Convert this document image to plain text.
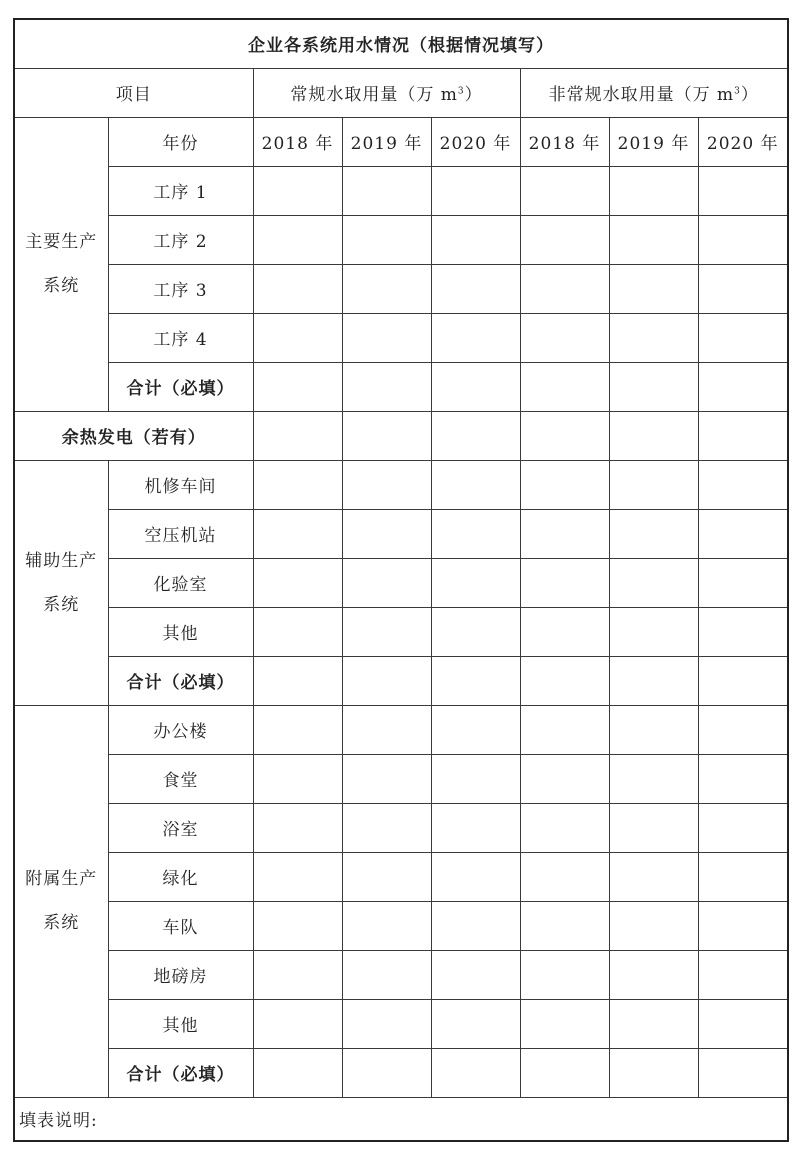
企业各系统用水情况（根据情况填写）							
项目		常规水取用量（万 $m^3$）			非常规水取用量（万 $m^3$）		

主要生产系统	年份	2018 年	2019 年	2020 年	2018 年	2019 年	2020 年
	工序 1						
	工序 2						
	工序 3						
	工序 4						
	合计（必填）						
余热发电（若有）							

辅助生产系统	机修车间						
	空压机站						
	化验室						
	其他						
	合计（必填）						

附属生产系统	办公楼						
	食堂						
	浴室						
	绿化						
	车队						
	地磅房						
	其他						
	合计（必填）						
填表说明:							
